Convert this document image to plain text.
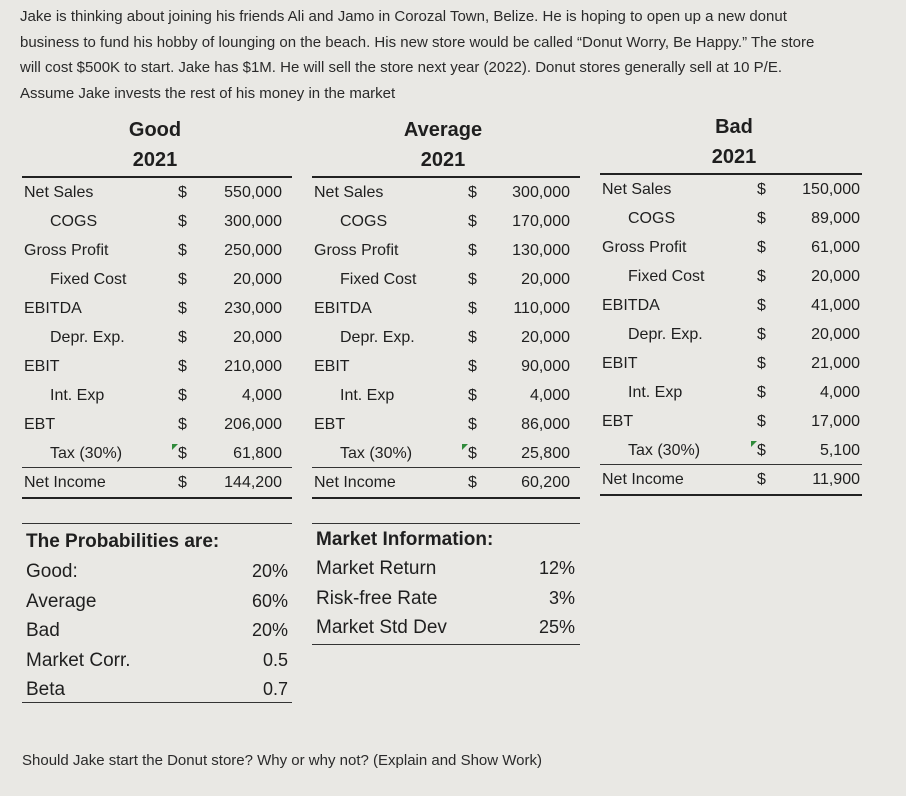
Jake is thinking about joining his friends Ali and Jamo in Corozal Town, Belize. He is hoping to open up a new donut
business to fund his hobby of lounging on the beach. His new store would be called “Donut Worry, Be Happy.” The store
will cost $500K to start. Jake has $1M. He will sell the store next year (2022). Donut stores generally sell at 10 P/E.
Assume Jake invests the rest of his money in the market
Good
2021
Average
2021
Bad
2021
Net Sales	$	550,000
COGS	$	300,000
Gross Profit	$	250,000
Fixed Cost	$	20,000
EBITDA	$	230,000
Depr. Exp.	$	20,000
EBIT	$	210,000
Int. Exp	$	4,000
EBT	$	206,000
Tax (30%)	$	61,800
Net Income	$	144,200
Net Sales	$	300,000
COGS	$	170,000
Gross Profit	$	130,000
Fixed Cost	$	20,000
EBITDA	$	110,000
Depr. Exp.	$	20,000
EBIT	$	90,000
Int. Exp	$	4,000
EBT	$	86,000
Tax (30%)	$	25,800
Net Income	$	60,200
Net Sales	$	150,000
COGS	$	89,000
Gross Profit	$	61,000
Fixed Cost	$	20,000
EBITDA	$	41,000
Depr. Exp.	$	20,000
EBIT	$	21,000
Int. Exp	$	4,000
EBT	$	17,000
Tax (30%)	$	5,100
Net Income	$	11,900
The Probabilities are:
Good:	20%
Average	60%
Bad	20%
Market Corr.	0.5
Beta	0.7
Market Information:
Market Return	12%
Risk-free Rate	3%
Market Std Dev	25%
Should Jake start the Donut store? Why or why not? (Explain and Show Work)
